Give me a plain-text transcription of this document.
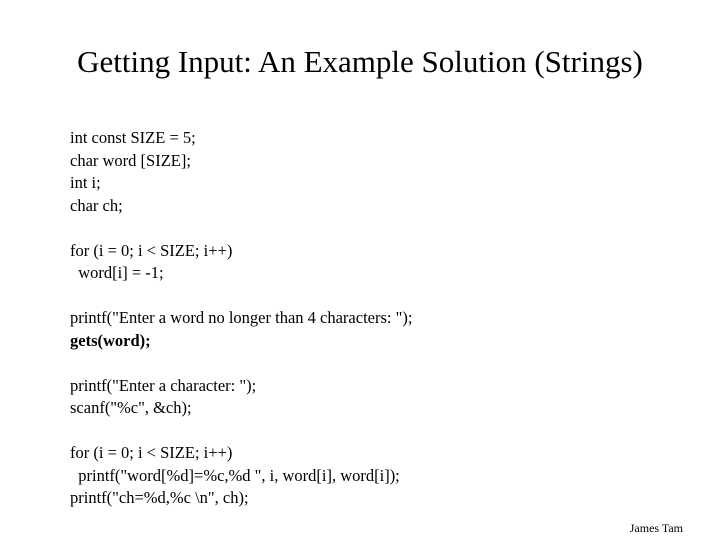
Getting Input: An Example Solution (Strings)
int const SIZE = 5;
char word [SIZE];
int i;
char ch;
for (i = 0; i < SIZE; i++)
word[i] = -1;
printf("Enter a word no longer than 4 characters: ");
gets(word);
printf("Enter a character: ");
scanf("%c", &ch);
for (i = 0; i < SIZE; i++)
printf("word[%d]=%c,%d ", i, word[i], word[i]);
printf("ch=%d,%c \n", ch);
James Tam
